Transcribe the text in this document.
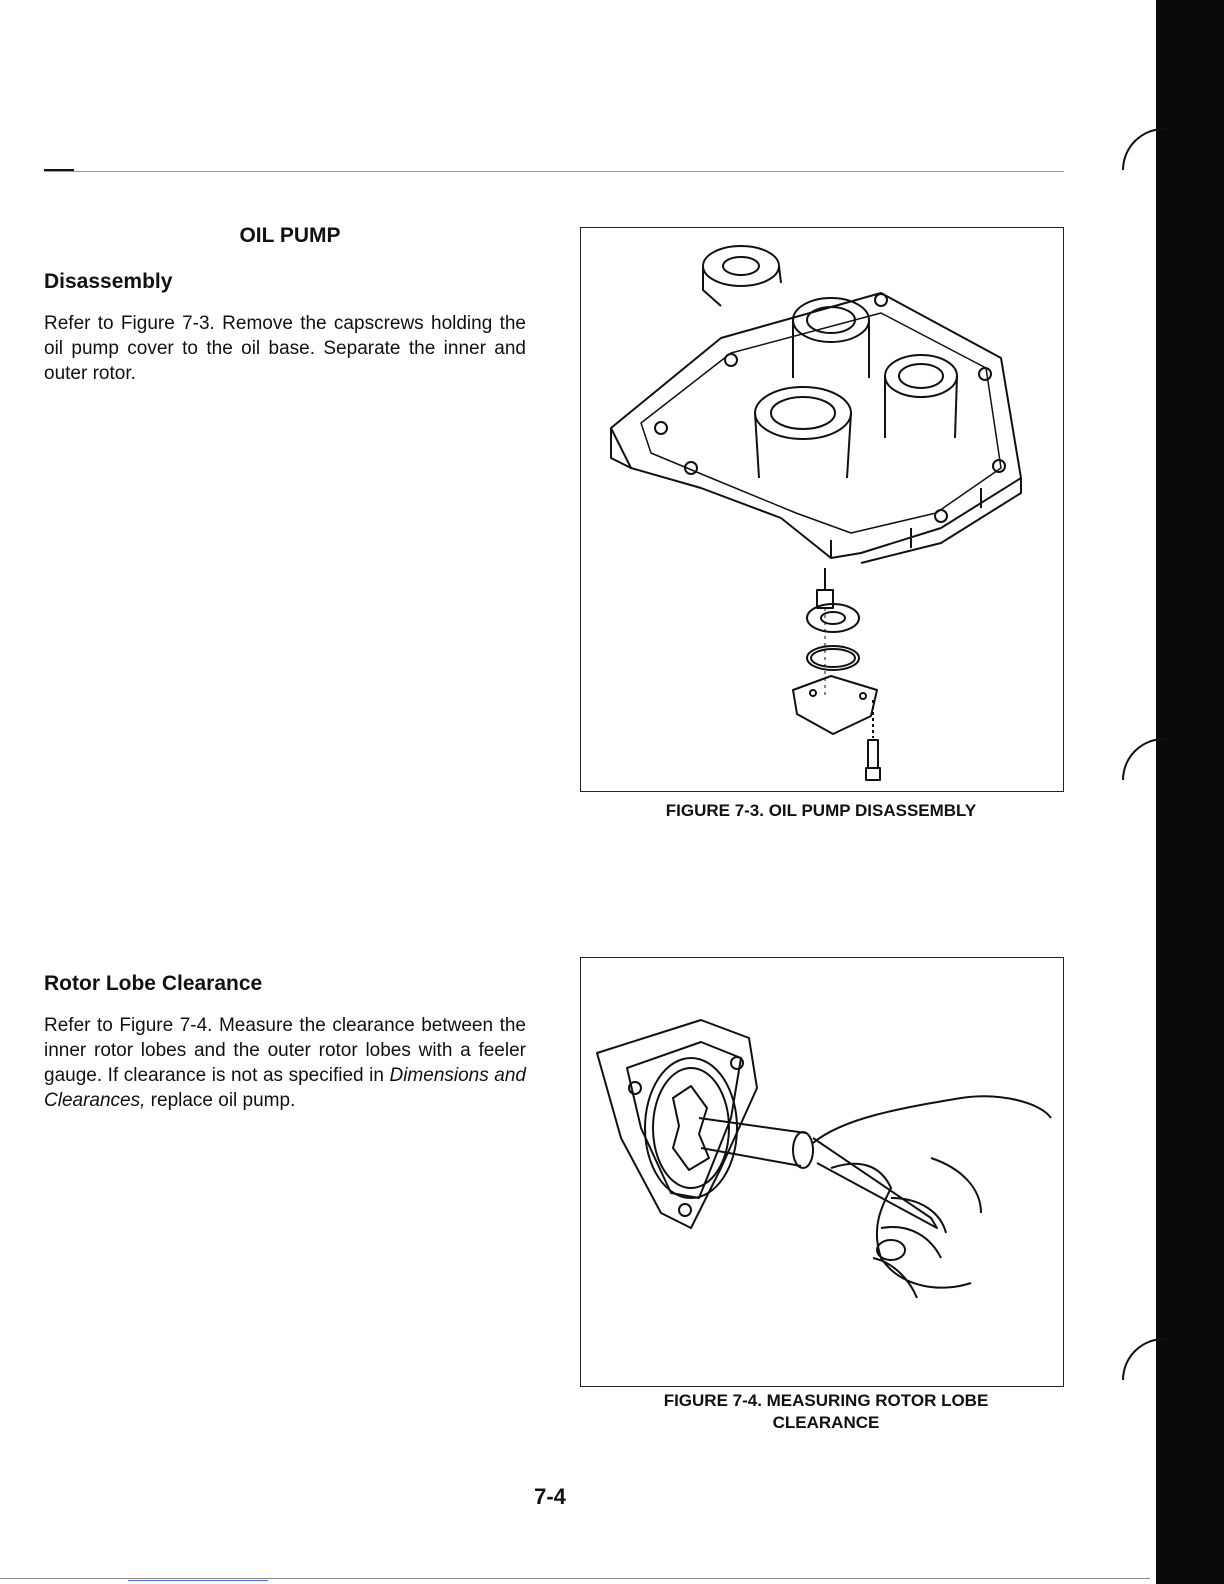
OIL PUMP
Disassembly
Refer to Figure 7-3. Remove the capscrews holding the oil pump cover to the oil base. Separate the inner and outer rotor.
Rotor Lobe Clearance
Refer to Figure 7-4. Measure the clearance between the inner rotor lobes and the outer rotor lobes with a feeler gauge. If clearance is not as specified in Dimensions and Clearances, replace oil pump.
FIGURE 7-3. OIL PUMP DISASSEMBLY
FIGURE 7-4. MEASURING ROTOR LOBE
CLEARANCE
7-4
